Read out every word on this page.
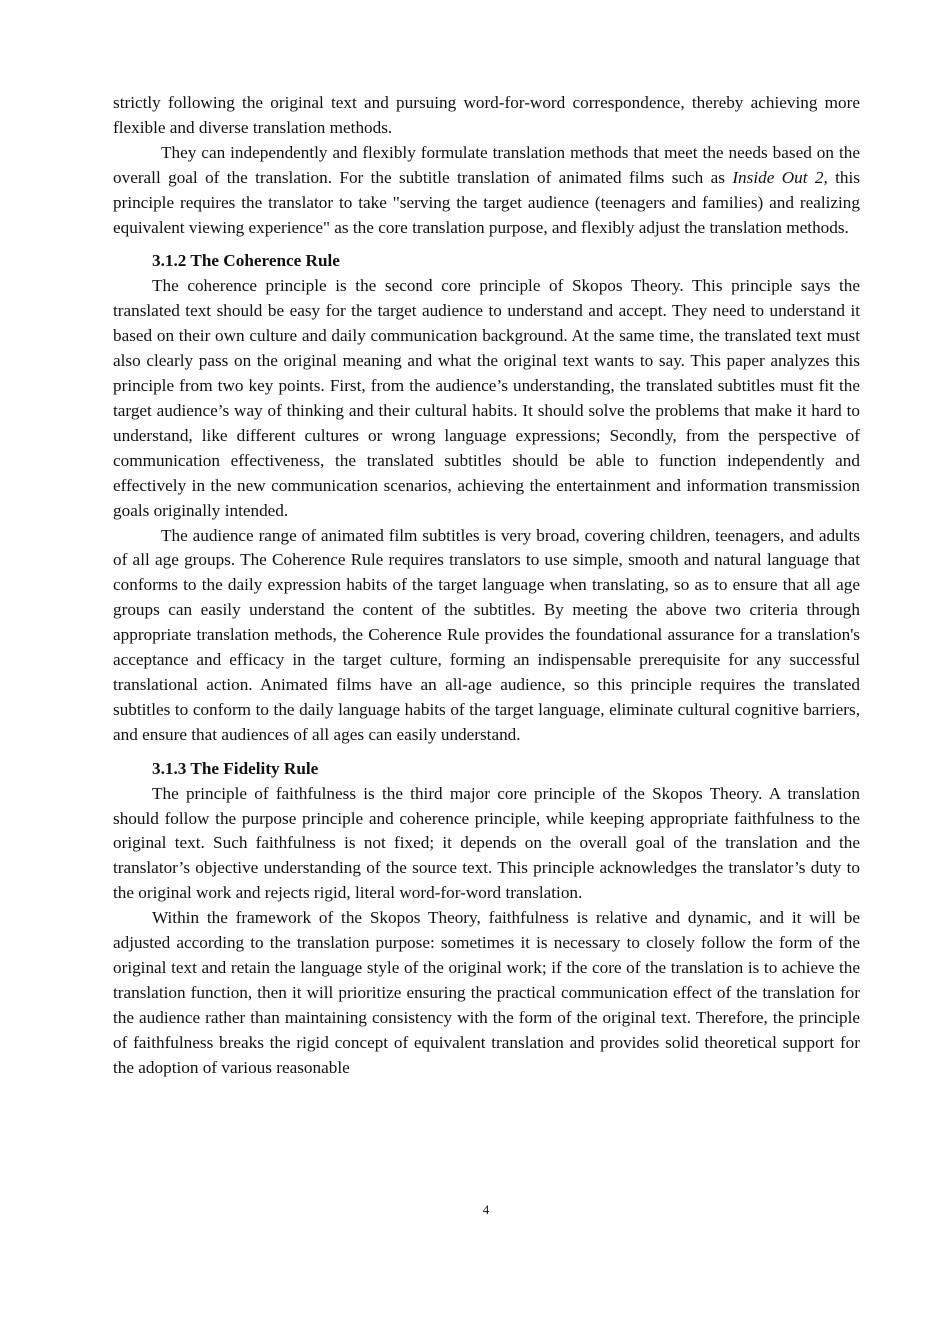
strictly following the original text and pursuing word-for-word correspondence, thereby achieving more flexible and diverse translation methods.

They can independently and flexibly formulate translation methods that meet the needs based on the overall goal of the translation. For the subtitle translation of animated films such as Inside Out 2, this principle requires the translator to take "serving the target audience (teenagers and families) and realizing equivalent viewing experience" as the core translation purpose, and flexibly adjust the translation methods.

3.1.2 The Coherence Rule

The coherence principle is the second core principle of Skopos Theory. This principle says the translated text should be easy for the target audience to understand and accept. They need to understand it based on their own culture and daily communication background. At the same time, the translated text must also clearly pass on the original meaning and what the original text wants to say. This paper analyzes this principle from two key points. First, from the audience’s understanding, the translated subtitles must fit the target audience’s way of thinking and their cultural habits. It should solve the problems that make it hard to understand, like different cultures or wrong language expressions; Secondly, from the perspective of communication effectiveness, the translated subtitles should be able to function independently and effectively in the new communication scenarios, achieving the entertainment and information transmission goals originally intended.

The audience range of animated film subtitles is very broad, covering children, teenagers, and adults of all age groups. The Coherence Rule requires translators to use simple, smooth and natural language that conforms to the daily expression habits of the target language when translating, so as to ensure that all age groups can easily understand the content of the subtitles. By meeting the above two criteria through appropriate translation methods, the Coherence Rule provides the foundational assurance for a translation's acceptance and efficacy in the target culture, forming an indispensable prerequisite for any successful translational action. Animated films have an all-age audience, so this principle requires the translated subtitles to conform to the daily language habits of the target language, eliminate cultural cognitive barriers, and ensure that audiences of all ages can easily understand.

3.1.3 The Fidelity Rule

The principle of faithfulness is the third major core principle of the Skopos Theory. A translation should follow the purpose principle and coherence principle, while keeping appropriate faithfulness to the original text. Such faithfulness is not fixed; it depends on the overall goal of the translation and the translator’s objective understanding of the source text. This principle acknowledges the translator’s duty to the original work and rejects rigid, literal word-for-word translation.

Within the framework of the Skopos Theory, faithfulness is relative and dynamic, and it will be adjusted according to the translation purpose: sometimes it is necessary to closely follow the form of the original text and retain the language style of the original work; if the core of the translation is to achieve the translation function, then it will prioritize ensuring the practical communication effect of the translation for the audience rather than maintaining consistency with the form of the original text. Therefore, the principle of faithfulness breaks the rigid concept of equivalent translation and provides solid theoretical support for the adoption of various reasonable

4
